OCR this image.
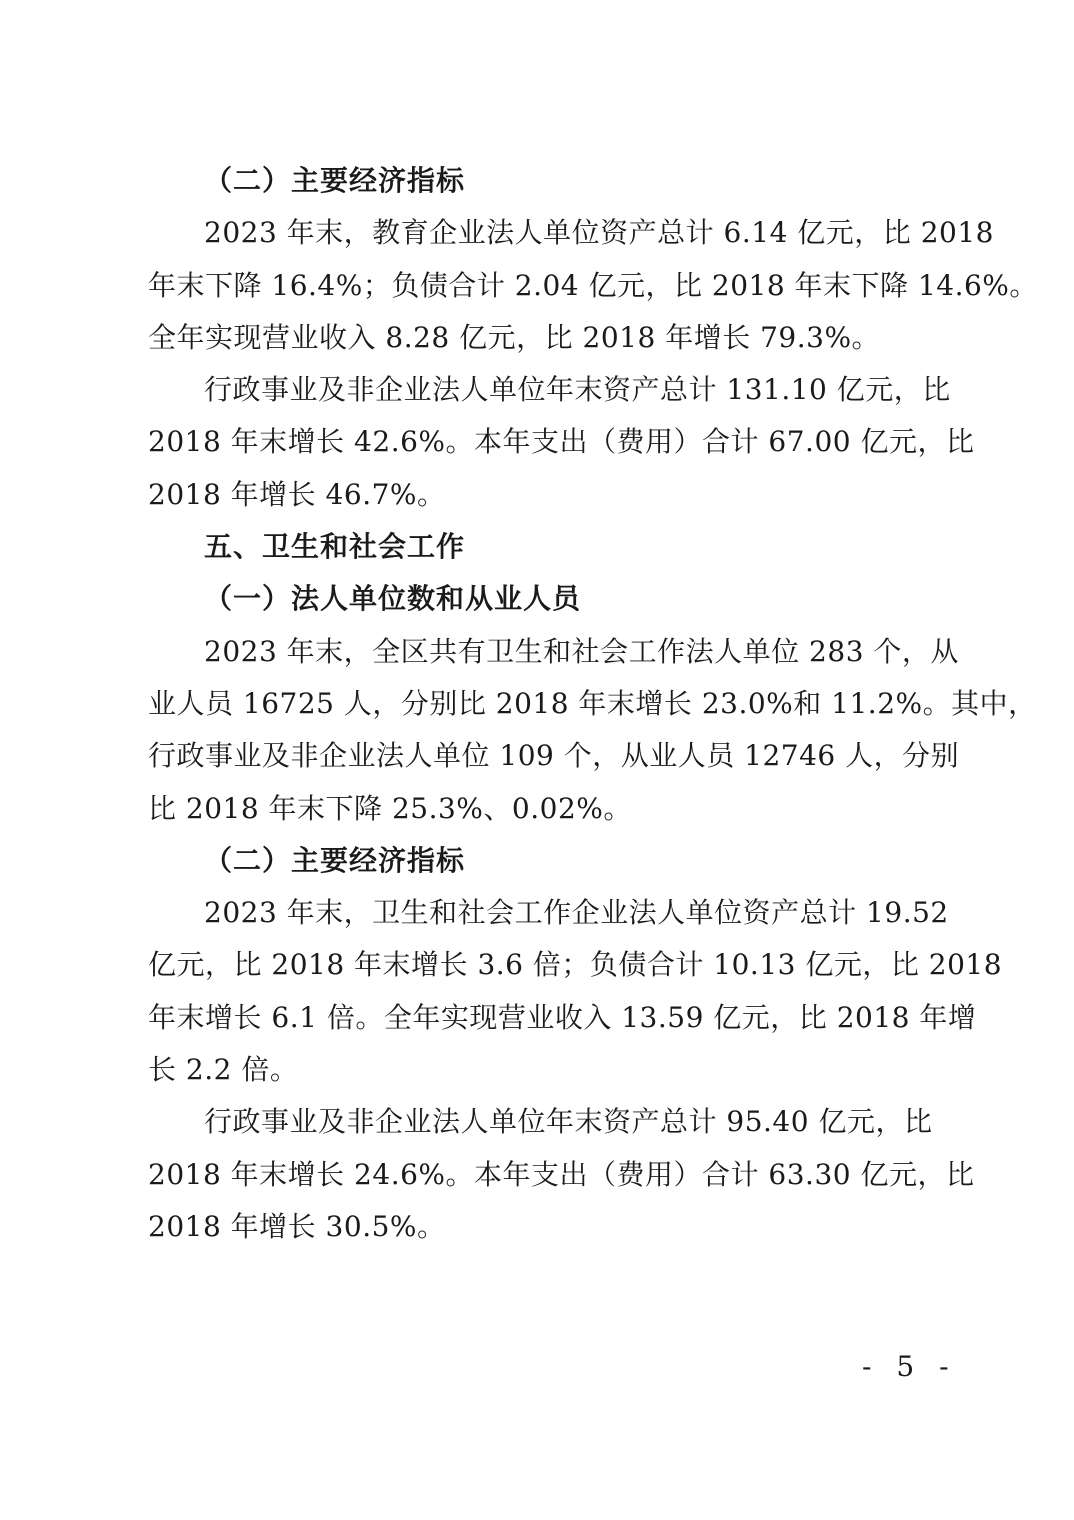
（二）主要经济指标
2023 年末，教育企业法人单位资产总计 6.14 亿元，比 2018
年末下降 16.4%；负债合计 2.04 亿元，比 2018 年末下降 14.6%。
全年实现营业收入 8.28 亿元，比 2018 年增长 79.3%。
行政事业及非企业法人单位年末资产总计 131.10 亿元，比
2018 年末增长 42.6%。本年支出（费用）合计 67.00 亿元，比
2018 年增长 46.7%。
五、卫生和社会工作
（一）法人单位数和从业人员
2023 年末，全区共有卫生和社会工作法人单位 283 个，从
业人员 16725 人，分别比 2018 年末增长 23.0%和 11.2%。其中，
行政事业及非企业法人单位 109 个，从业人员 12746 人，分别
比 2018 年末下降 25.3%、0.02%。
（二）主要经济指标
2023 年末，卫生和社会工作企业法人单位资产总计 19.52
亿元，比 2018 年末增长 3.6 倍；负债合计 10.13 亿元，比 2018
年末增长 6.1 倍。全年实现营业收入 13.59 亿元，比 2018 年增
长 2.2 倍。
行政事业及非企业法人单位年末资产总计 95.40 亿元，比
2018 年末增长 24.6%。本年支出（费用）合计 63.30 亿元，比
2018 年增长 30.5%。
- 5 -
